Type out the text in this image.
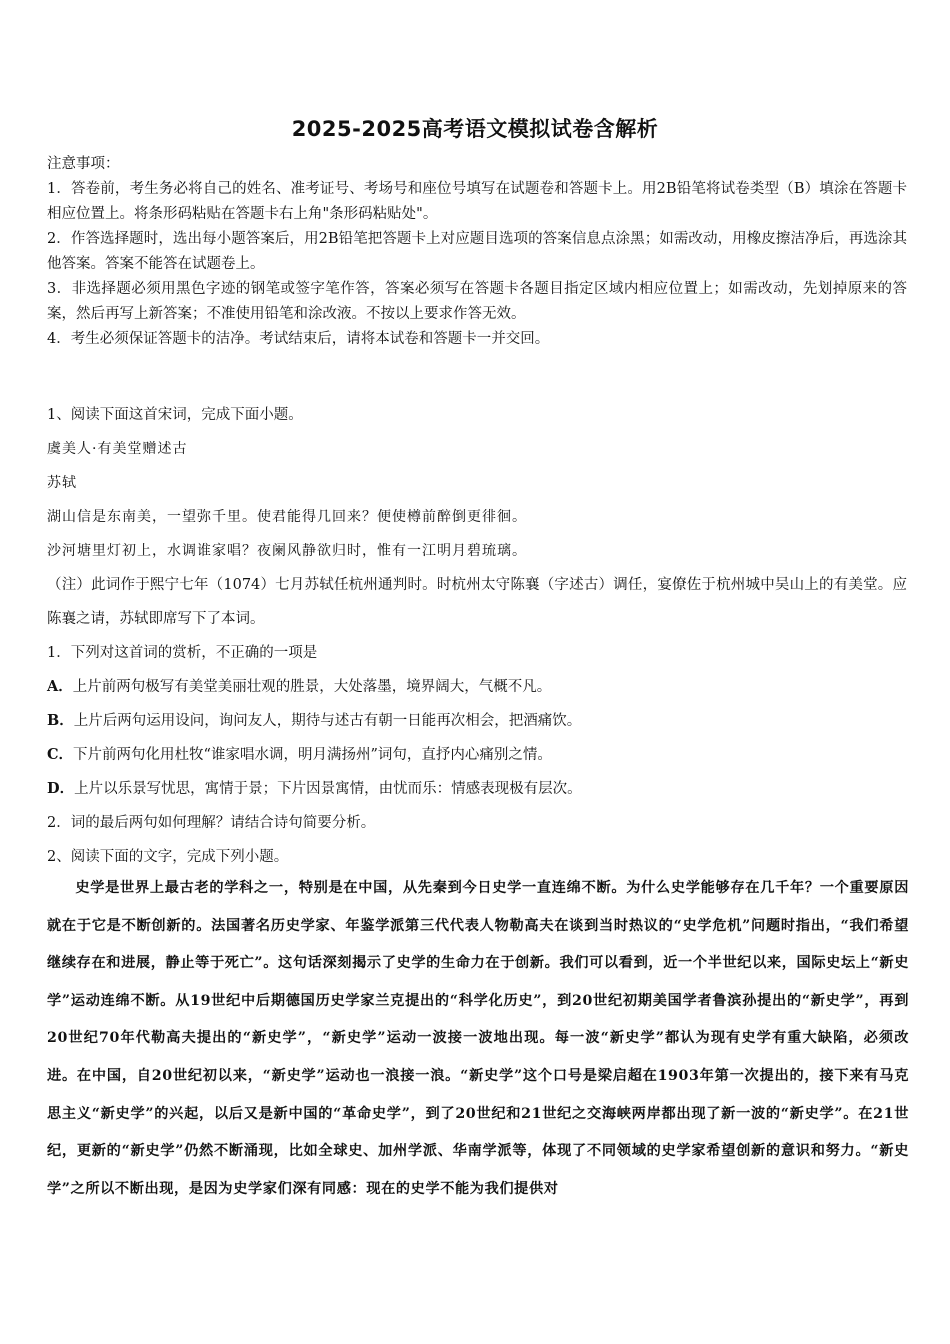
2025-2025高考语文模拟试卷含解析

注意事项：

1．答卷前，考生务必将自己的姓名、准考证号、考场号和座位号填写在试题卷和答题卡上。用2B铅笔将试卷类型（B）填涂在答题卡相应位置上。将条形码粘贴在答题卡右上角"条形码粘贴处"。

2．作答选择题时，选出每小题答案后，用2B铅笔把答题卡上对应题目选项的答案信息点涂黑；如需改动，用橡皮擦洁净后，再选涂其他答案。答案不能答在试题卷上。

3．非选择题必须用黑色字迹的钢笔或签字笔作答，答案必须写在答题卡各题目指定区域内相应位置上；如需改动，先划掉原来的答案，然后再写上新答案；不准使用铅笔和涂改液。不按以上要求作答无效。

4．考生必须保证答题卡的洁净。考试结束后，请将本试卷和答题卡一并交回。

1、阅读下面这首宋词，完成下面小题。

虞美人·有美堂赠述古

苏轼

湖山信是东南美，一望弥千里。使君能得几回来？便使樽前醉倒更徘徊。

沙河塘里灯初上，水调谁家唱？夜阑风静欲归时，惟有一江明月碧琉璃。

（注）此词作于熙宁七年（1074）七月苏轼任杭州通判时。时杭州太守陈襄（字述古）调任，宴僚佐于杭州城中吴山上的有美堂。应陈襄之请，苏轼即席写下了本词。

1．下列对这首词的赏析，不正确的一项是

A．上片前两句极写有美堂美丽壮观的胜景，大处落墨，境界阔大，气概不凡。

B．上片后两句运用设问，询问友人，期待与述古有朝一日能再次相会，把酒痛饮。

C．下片前两句化用杜牧“谁家唱水调，明月满扬州”词句，直抒内心痛别之情。

D．上片以乐景写忧思，寓情于景；下片因景寓情，由忧而乐：情感表现极有层次。

2．词的最后两句如何理解？请结合诗句简要分析。

2、阅读下面的文字，完成下列小题。

史学是世界上最古老的学科之一，特别是在中国，从先秦到今日史学一直连绵不断。为什么史学能够存在几千年？一个重要原因就在于它是不断创新的。法国著名历史学家、年鉴学派第三代代表人物勒高夫在谈到当时热议的“史学危机”问题时指出，“我们希望继续存在和进展，静止等于死亡”。这句话深刻揭示了史学的生命力在于创新。我们可以看到，近一个半世纪以来，国际史坛上“新史学”运动连绵不断。从19世纪中后期德国历史学家兰克提出的“科学化历史”，到20世纪初期美国学者鲁滨孙提出的“新史学”，再到20世纪70年代勒高夫提出的“新史学”，“新史学”运动一波接一波地出现。每一波“新史学”都认为现有史学有重大缺陷，必须改进。在中国，自20世纪初以来，“新史学”运动也一浪接一浪。“新史学”这个口号是梁启超在1903年第一次提出的，接下来有马克思主义“新史学”的兴起，以后又是新中国的“革命史学”，到了20世纪和21世纪之交海峡两岸都出现了新一波的“新史学”。在21世纪，更新的“新史学”仍然不断涌现，比如全球史、加州学派、华南学派等，体现了不同领域的史学家希望创新的意识和努力。“新史学”之所以不断出现，是因为史学家们深有同感：现在的史学不能为我们提供对
